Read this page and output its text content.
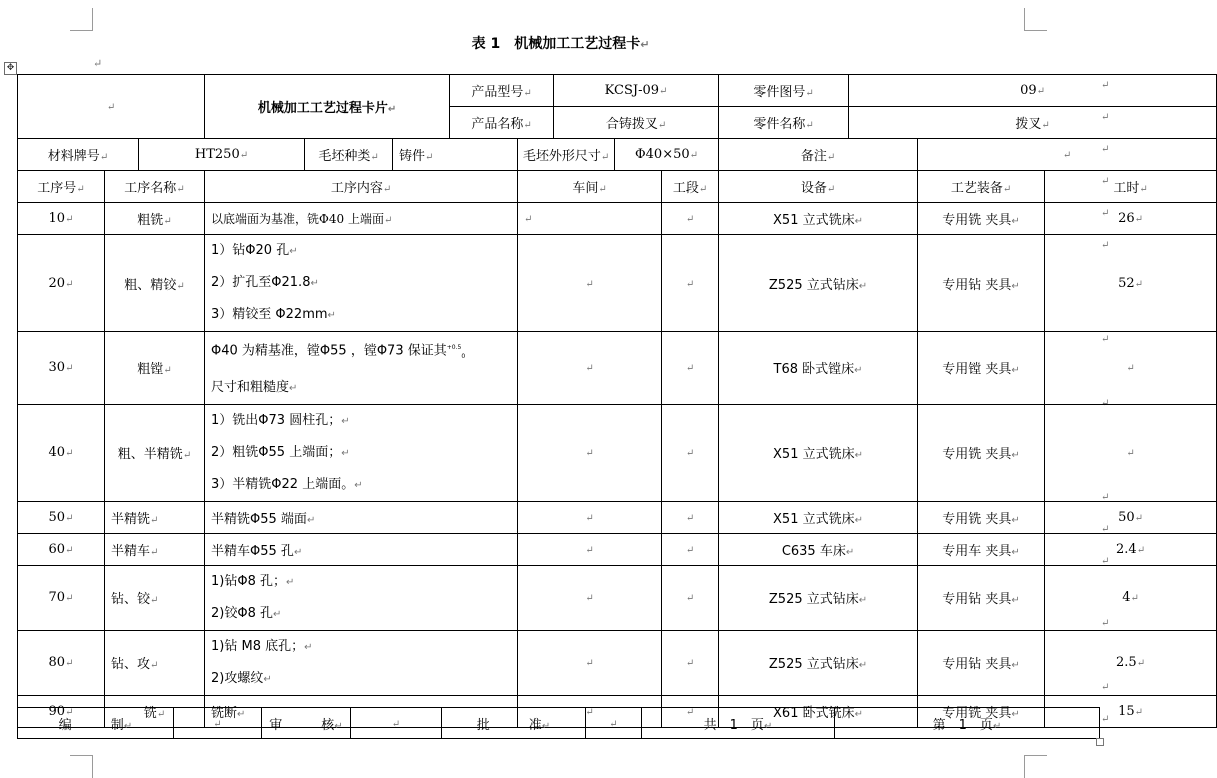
表 1　机械加工工艺过程卡↵
✥	↵
↵
↵
↵
↵
↵
↵
↵
↵
↵
↵
↵
↵
↵
↵
↵			机械加工工艺过程卡片↵			产品型号↵		KCSJ-09↵			零件图号↵	09↵		
						产品名称↵		合铸拨叉↵			零件名称↵	拨叉↵		
材料牌号↵		HT250↵		毛坯种类↵	铸件↵		毛坯外形尺寸↵		Φ40×50↵		备注↵		↵	
工序号↵	工序名称↵		工序内容↵				车间↵			工段↵	设备↵		工艺装备↵	工时↵
10↵	粗铣↵		以底端面为基准，铣Φ40 上端面↵				↵			↵	X51 立式铣床↵		专用铣 夹具↵	26↵
20↵	粗、精铰↵		1）钻Φ20 孔↵
2）扩孔至Φ21.8↵
3）精铰至 Φ22mm↵				↵			↵	Z525 立式钻床↵		专用钻 夹具↵	52↵
30↵	粗镗↵		Φ40 为精基准，镗Φ55 ，镗Φ73 保证其$^{+0.5}_0$
尺寸和粗糙度↵				↵			↵	T68 卧式镗床↵		专用镗 夹具↵	↵
40↵	粗、半精铣↵		1）铣出Φ73 圆柱孔；↵
2）粗铣Φ55 上端面；↵
3）半精铣Φ22 上端面。↵				↵			↵	X51 立式铣床↵		专用铣 夹具↵	↵
50↵	半精铣↵		半精铣Φ55 端面↵				↵			↵	X51 立式铣床↵		专用铣 夹具↵	50↵
60↵	半精车↵		半精车Φ55 孔↵				↵			↵	C635 车床↵		专用车 夹具↵	2.4↵
70↵	钻、铰↵		1)钻Φ8 孔；↵
2)铰Φ8 孔↵				↵			↵	Z525 立式钻床↵		专用钻 夹具↵	4↵
80↵	钻、攻↵		1)钻 M8 底孔；↵
2)攻螺纹↵				↵			↵	Z525 立式钻床↵		专用钻 夹具↵	2.5↵
90↵	铣↵		铣断↵				↵			↵	X61 卧式铣床↵		专用铣 夹具↵	15↵
编　　　制↵	↵	审　　　核↵	↵	批　　　准↵	↵	共　1　页↵	第　1　页↵
